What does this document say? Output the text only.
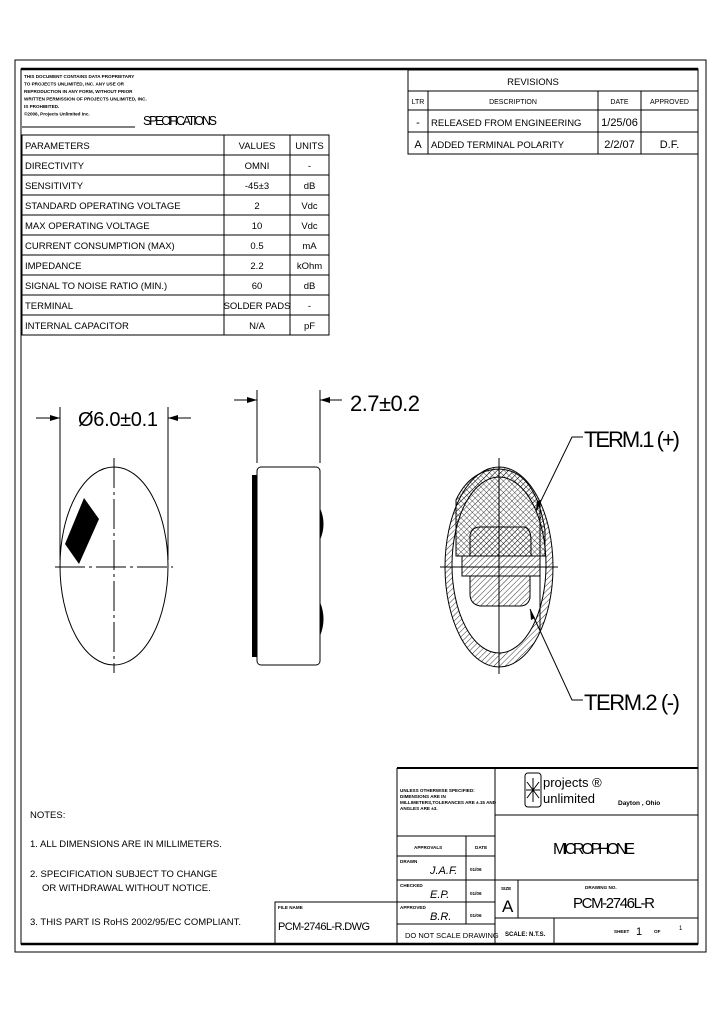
THIS DOCUMENT CONTAINS DATA PROPRIETARY
TO PROJECTS UNLIMITED, INC. ANY USE OR
REPRODUCTION IN ANY FORM, WITHOUT PRIOR
WRITTEN PERMISSION OF PROJECTS UNLIMITED, INC.
IS PROHIBITED.
©2006, Projects Unlimited Inc.	SPECIFICATIONS
PARAMETERS	VALUES UNITS
DIRECTIVITY	OMNI	-
SENSITIVITY	-45±3	dB
STANDARD OPERATING VOLTAGE	2	Vdc
MAX OPERATING VOLTAGE	10	Vdc
CURRENT CONSUMPTION (MAX)	0.5	mA
IMPEDANCE	2.2	kOhm
SIGNAL TO NOISE RATIO (MIN.)	60	dB
TERMINAL	SOLDER PADS -
INTERNAL CAPACITOR	N/A	pF
REVISIONS
LTR	DESCRIPTION	DATE	APPROVED
- RELEASED FROM ENGINEERING 1/25/06
A ADDED TERMINAL POLARITY	2/2/07 D.F.
Ø6.0±0.1
2.7±0.2
TERM.1 (+)
TERM.2 (-)
NOTES:
1. ALL DIMENSIONS ARE IN MILLIMETERS.
2. SPECIFICATION SUBJECT TO CHANGE
OR WITHDRAWAL WITHOUT NOTICE.
3. THIS PART IS RoHS 2002/95/EC COMPLIANT.
FILE NAME
PCM-2746L-R.DWG
UNLESS OTHERWISE SPECIFIED:
DIMENSIONS ARE IN
MILLIMETERS,TOLERANCES ARE ±.15 AND
ANGLES ARE ±3.
APPROVALS	DATE
DRAWN
J.A.F.	01/06
CHECKED
E.P.	01/06
APPROVED
B.R.	01/06
DO NOT SCALE DRAWING
projects ®
unlimited	Dayton , Ohio
MICROPHONE
SIZE
A
DRAWING NO.
PCM-2746L-R
SCALE: N.T.S.
SHEET 1	OF	1
